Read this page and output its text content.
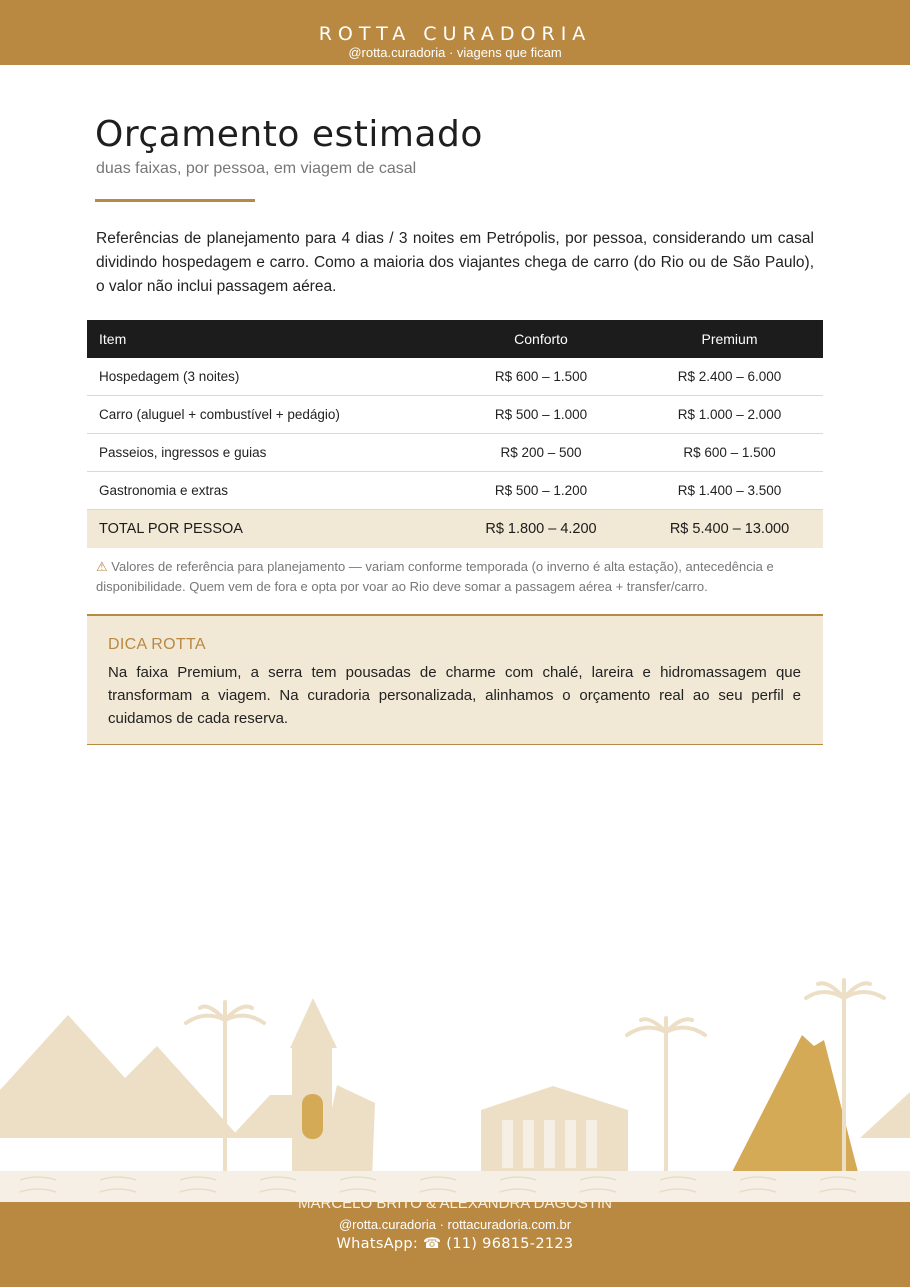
ROTTA CURADORIA
@rotta.curadoria · viagens que ficam
Orçamento estimado

duas faixas, por pessoa, em viagem de casal

Referências de planejamento para 4 dias / 3 noites em Petrópolis, por pessoa, considerando um casal dividindo hospedagem e carro. Como a maioria dos viajantes chega de carro (do Rio ou de São Paulo), o valor não inclui passagem aérea.

Item	Conforto	Premium
Hospedagem (3 noites)	R$ 600 – 1.500	R$ 2.400 – 6.000
Carro (aluguel + combustível + pedágio)	R$ 500 – 1.000	R$ 1.000 – 2.000
Passeios, ingressos e guias	R$ 200 – 500	R$ 600 – 1.500
Gastronomia e extras	R$ 500 – 1.200	R$ 1.400 – 3.500
TOTAL POR PESSOA	R$ 1.800 – 4.200	R$ 5.400 – 13.000

⚠ Valores de referência para planejamento — variam conforme temporada (o inverno é alta estação), antecedência e disponibilidade. Quem vem de fora e opta por voar ao Rio deve somar a passagem aérea + transfer/carro.

DICA ROTTA

Na faixa Premium, a serra tem pousadas de charme com chalé, lareira e hidromassagem que transformam a viagem. Na curadoria personalizada, alinhamos o orçamento real ao seu perfil e cuidamos de cada reserva.

MARCELO BRITO & ALEXANDRA DAGOSTIN
@rotta.curadoria · rottacuradoria.com.br
WhatsApp: ☎ (11) 96815-2123
